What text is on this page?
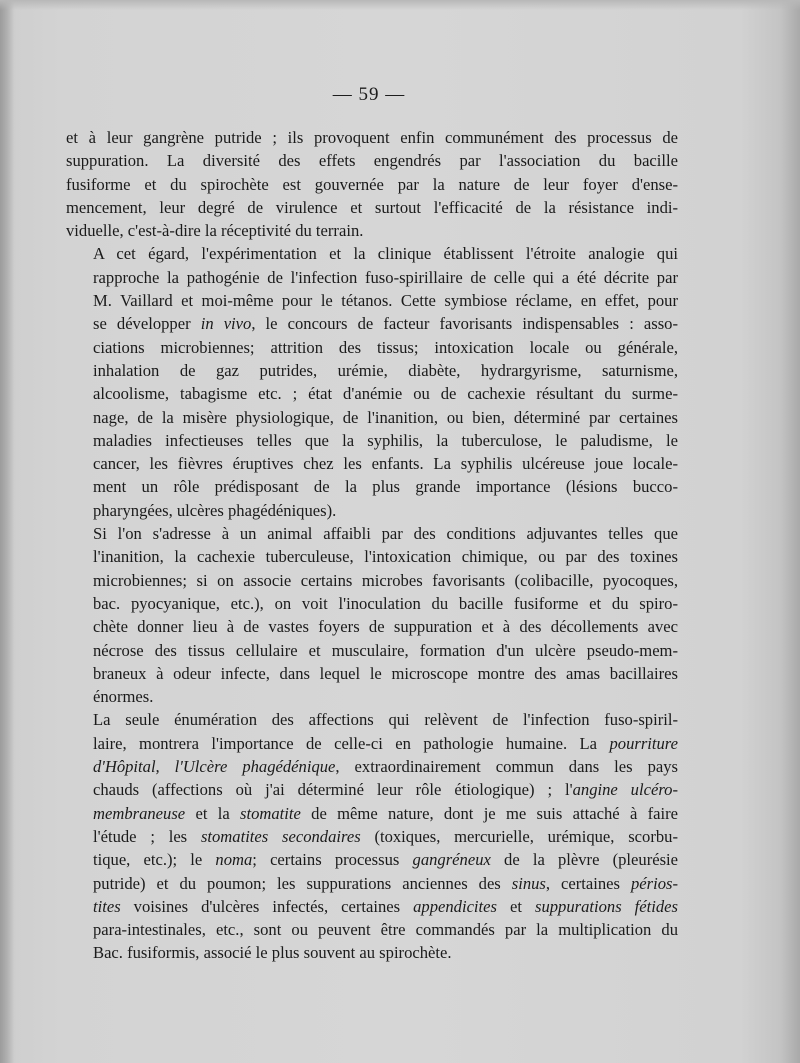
— 59 —

et à leur gangrène putride ; ils provoquent enfin communément des processus de
suppuration. La diversité des effets engendrés par l'association du bacille
fusiforme et du spirochète est gouvernée par la nature de leur foyer d'ense-
mencement, leur degré de virulence et surtout l'efficacité de la résistance indi-
viduelle, c'est-à-dire la réceptivité du terrain.

A cet égard, l'expérimentation et la clinique établissent l'étroite analogie qui
rapproche la pathogénie de l'infection fuso-spirillaire de celle qui a été décrite par
M. Vaillard et moi-même pour le tétanos. Cette symbiose réclame, en effet, pour
se développer in vivo, le concours de facteur favorisants indispensables : asso-
ciations microbiennes; attrition des tissus; intoxication locale ou générale,
inhalation de gaz putrides, urémie, diabète, hydrargyrisme, saturnisme,
alcoolisme, tabagisme etc. ; état d'anémie ou de cachexie résultant du surme-
nage, de la misère physiologique, de l'inanition, ou bien, déterminé par certaines
maladies infectieuses telles que la syphilis, la tuberculose, le paludisme, le
cancer, les fièvres éruptives chez les enfants. La syphilis ulcéreuse joue locale-
ment un rôle prédisposant de la plus grande importance (lésions bucco-
pharyngées, ulcères phagédéniques).

Si l'on s'adresse à un animal affaibli par des conditions adjuvantes telles que
l'inanition, la cachexie tuberculeuse, l'intoxication chimique, ou par des toxines
microbiennes; si on associe certains microbes favorisants (colibacille, pyocoques,
bac. pyocyanique, etc.), on voit l'inoculation du bacille fusiforme et du spiro-
chète donner lieu à de vastes foyers de suppuration et à des décollements avec
nécrose des tissus cellulaire et musculaire, formation d'un ulcère pseudo-mem-
braneux à odeur infecte, dans lequel le microscope montre des amas bacillaires
énormes.

La seule énumération des affections qui relèvent de l'infection fuso-spiril-
laire, montrera l'importance de celle-ci en pathologie humaine. La pourriture
d'Hôpital, l'Ulcère phagédénique, extraordinairement commun dans les pays
chauds (affections où j'ai déterminé leur rôle étiologique) ; l'angine ulcéro-
membraneuse et la stomatite de même nature, dont je me suis attaché à faire
l'étude ; les stomatites secondaires (toxiques, mercurielle, urémique, scorbu-
tique, etc.); le noma; certains processus gangréneux de la plèvre (pleurésie
putride) et du poumon; les suppurations anciennes des sinus, certaines périos-
tites voisines d'ulcères infectés, certaines appendicites et suppurations fétides
para-intestinales, etc., sont ou peuvent être commandés par la multiplication du
Bac. fusiformis, associé le plus souvent au spirochète.
